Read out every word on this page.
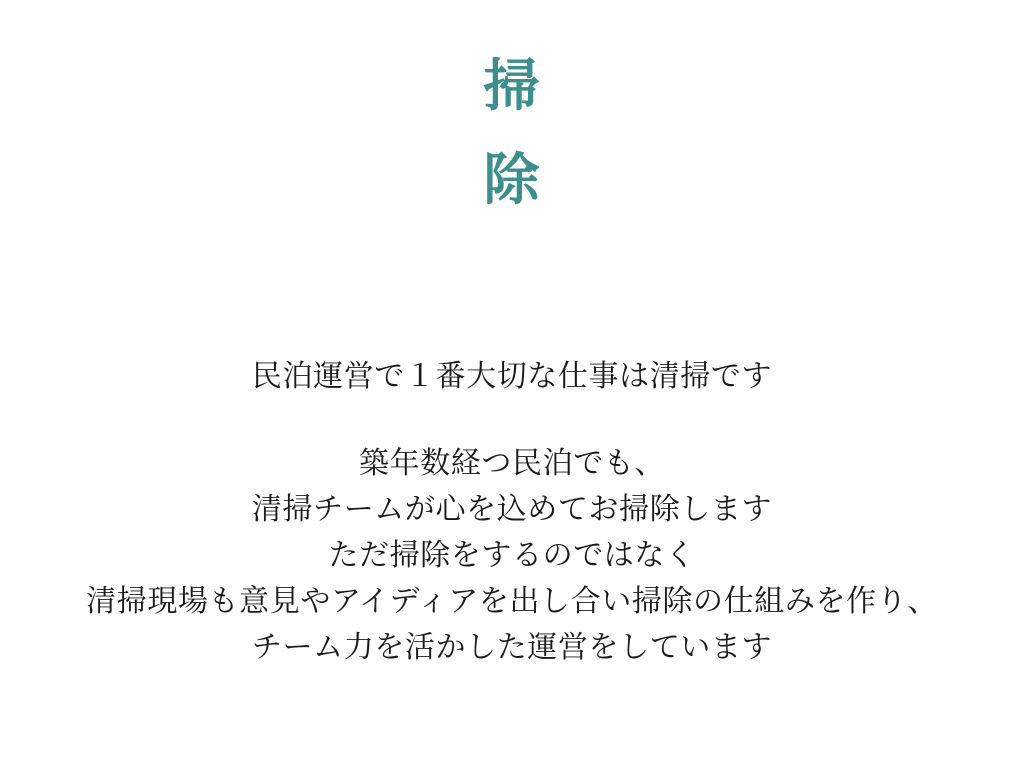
掃
除
民泊運営で１番大切な仕事は清掃です
築年数経つ民泊でも、
清掃チームが心を込めてお掃除します
ただ掃除をするのではなく
清掃現場も意見やアイディアを出し合い掃除の仕組みを作り、
チーム力を活かした運営をしています
